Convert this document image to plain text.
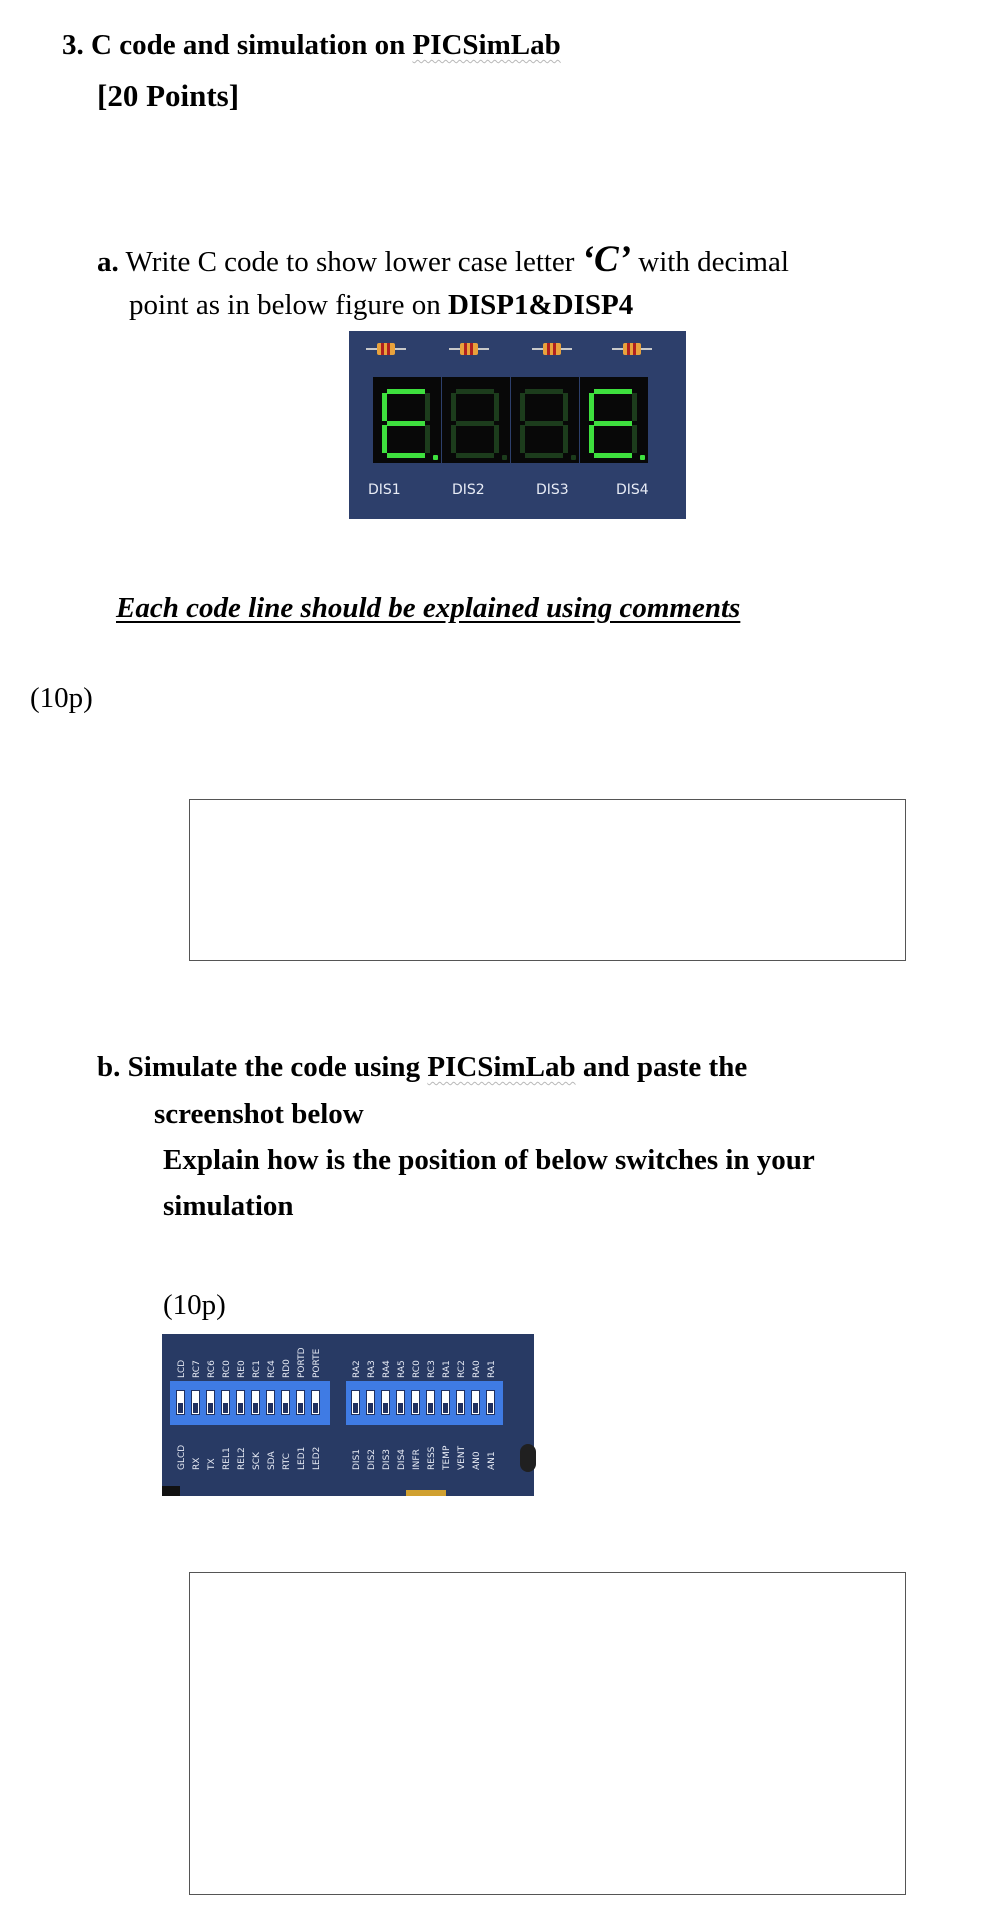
3. C code and simulation on PICSimLab
[20 Points]
a. Write C code to show lower case letter ‘C’ with decimal
point as in below figure on DISP1&DISP4
DIS1	DIS2	DIS3	DIS4
Each code line should be explained using comments
(10p)
b. Simulate the code using PICSimLab and paste the
screenshot below
Explain how is the position of below switches in your
simulation
(10p)
LCD
GLCD
RC7
RX
RC6
TX
RC0
REL1
RE0
REL2
RC1
SCK
RC4
SDA
RD0
RTC
PORTD
LED1
PORTE
LED2
RA2
DIS1
RA3
DIS2
RA4
DIS3
RA5
DIS4
RC0
INFR
RC3
RESS
RA1
TEMP
RC2
VENT
RA0
AN0
RA1
AN1
